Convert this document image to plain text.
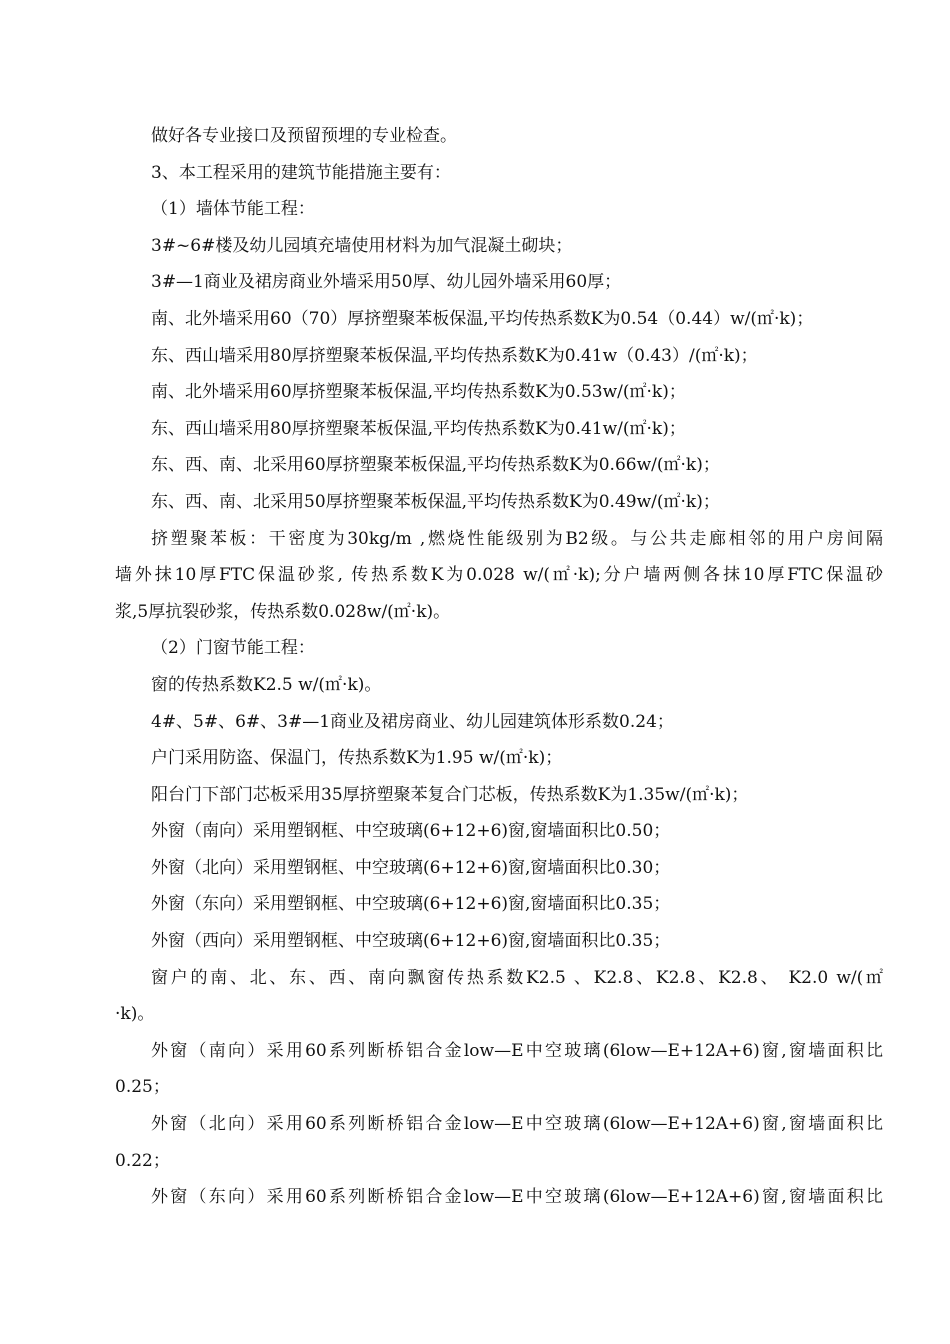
做好各专业接口及预留预埋的专业检查。
3、本工程采用的建筑节能措施主要有：
（1）墙体节能工程：
3#~6#楼及幼儿园填充墙使用材料为加气混凝土砌块；
3#—1商业及裙房商业外墙采用50厚、幼儿园外墙采用60厚；
南、北外墙采用60（70）厚挤塑聚苯板保温,平均传热系数K为0.54（0.44）w/(㎡·k)；
东、西山墙采用80厚挤塑聚苯板保温,平均传热系数K为0.41w（0.43）/(㎡·k)；
南、北外墙采用60厚挤塑聚苯板保温,平均传热系数K为0.53w/(㎡·k)；
东、西山墙采用80厚挤塑聚苯板保温,平均传热系数K为0.41w/(㎡·k)；
东、西、南、北采用60厚挤塑聚苯板保温,平均传热系数K为0.66w/(㎡·k)；
东、西、南、北采用50厚挤塑聚苯板保温,平均传热系数K为0.49w/(㎡·k)；
挤塑聚苯板：干密度为30kg/m ,燃烧性能级别为B2级。与公共走廊相邻的用户房间隔
墙外抹10厚FTC保温砂浆, 传热系数K为0.028 w/(㎡·k);分户墙两侧各抹10厚FTC保温砂
浆,5厚抗裂砂浆，传热系数0.028w/(㎡·k)。
（2）门窗节能工程：
窗的传热系数K2.5 w/(㎡·k)。
4#、5#、6#、3#—1商业及裙房商业、幼儿园建筑体形系数0.24；
户门采用防盗、保温门，传热系数K为1.95 w/(㎡·k)；
阳台门下部门芯板采用35厚挤塑聚苯复合门芯板，传热系数K为1.35w/(㎡·k)；
外窗（南向）采用塑钢框、中空玻璃(6+12+6)窗,窗墙面积比0.50；
外窗（北向）采用塑钢框、中空玻璃(6+12+6)窗,窗墙面积比0.30；
外窗（东向）采用塑钢框、中空玻璃(6+12+6)窗,窗墙面积比0.35；
外窗（西向）采用塑钢框、中空玻璃(6+12+6)窗,窗墙面积比0.35；
窗户的南、北、东、西、南向飘窗传热系数K2.5 、K2.8、K2.8、K2.8、 K2.0 w/(㎡
·k)。
外窗（南向）采用60系列断桥铝合金low—E中空玻璃(6low—E+12A+6)窗,窗墙面积比
0.25；
外窗（北向）采用60系列断桥铝合金low—E中空玻璃(6low—E+12A+6)窗,窗墙面积比
0.22；
外窗（东向）采用60系列断桥铝合金low—E中空玻璃(6low—E+12A+6)窗,窗墙面积比
